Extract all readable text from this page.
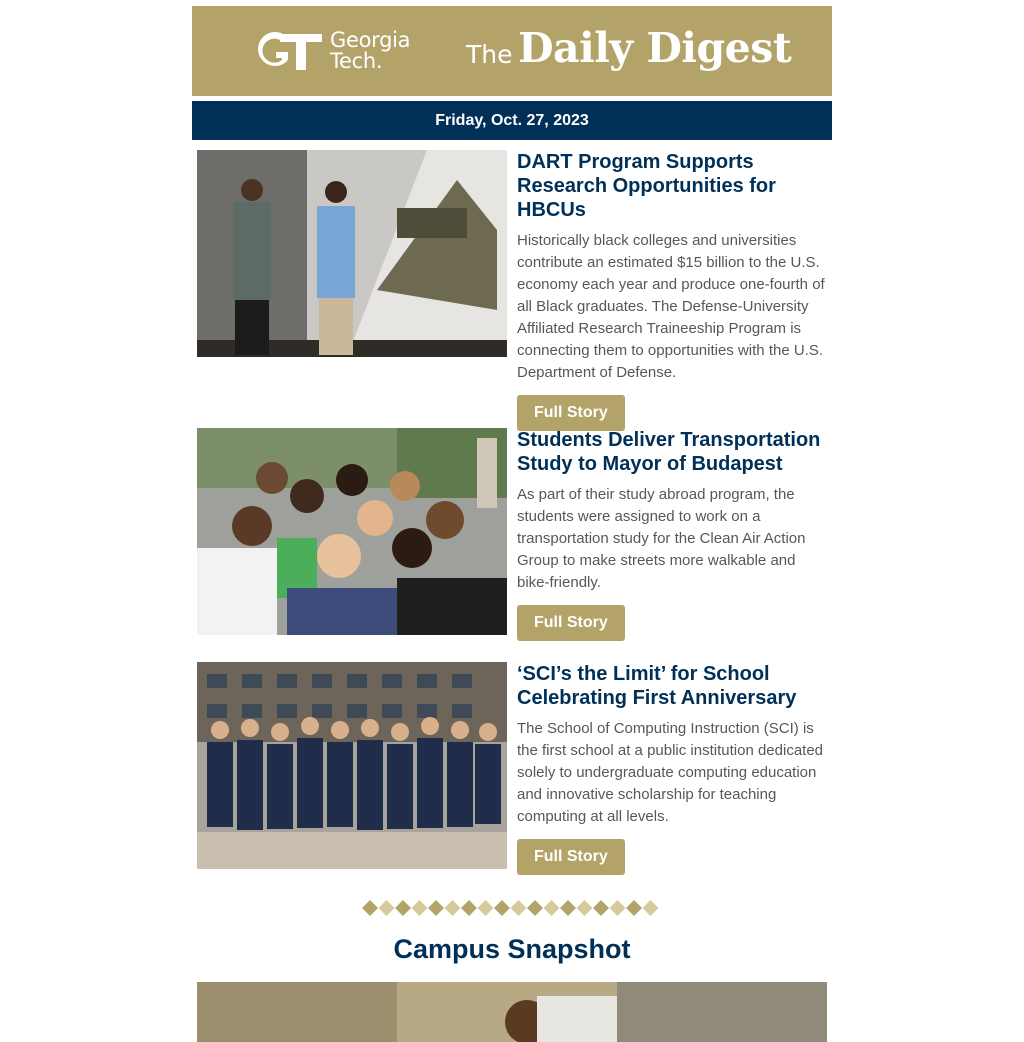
Georgia
Tech.	The Daily Digest
Friday, Oct. 27, 2023
DART Program Supports Research Opportunities for HBCUs

Historically black colleges and universities contribute an estimated $15 billion to the U.S. economy each year and produce one-fourth of all Black graduates. The Defense-University Affiliated Research Traineeship Program is connecting them to opportunities with the U.S. Department of Defense.

Full Story
Students Deliver Transportation Study to Mayor of Budapest

As part of their study abroad program, the students were assigned to work on a transportation study for the Clean Air Action Group to make streets more walkable and bike-friendly.

Full Story
‘SCI’s the Limit’ for School Celebrating First Anniversary

The School of Computing Instruction (SCI) is the first school at a public institution dedicated solely to undergraduate computing education and innovative scholarship for teaching computing at all levels.

Full Story
Campus Snapshot
